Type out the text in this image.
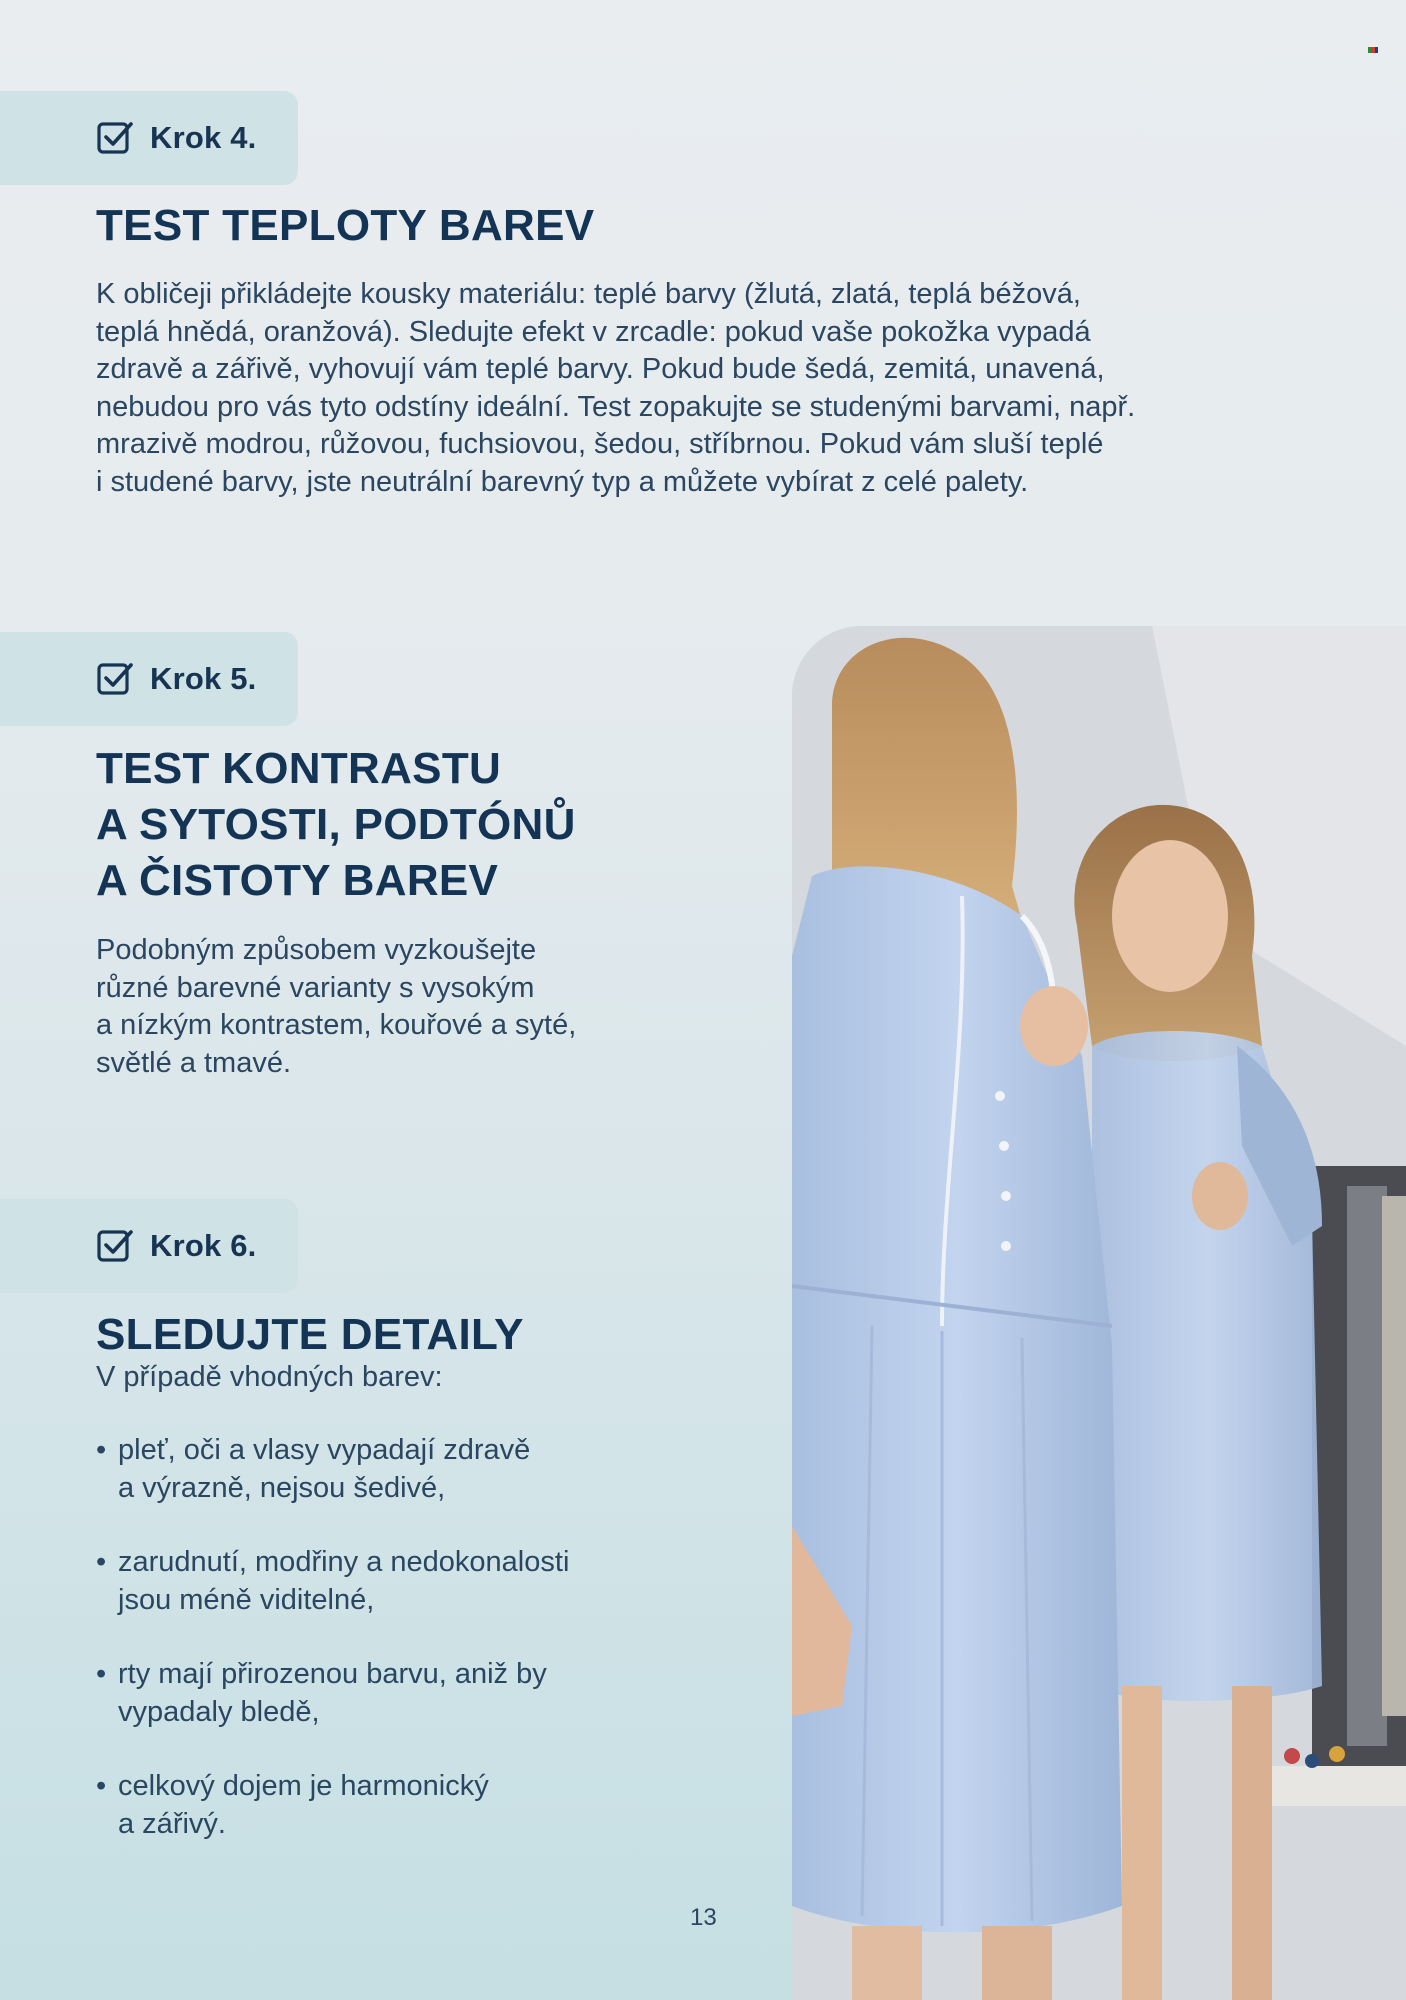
Krok 4.
TEST TEPLOTY BAREV

K obličeji přikládejte kousky materiálu: teplé barvy (žlutá, zlatá, teplá béžová,
teplá hnědá, oranžová). Sledujte efekt v zrcadle: pokud vaše pokožka vypadá
zdravě a zářivě, vyhovují vám teplé barvy. Pokud bude šedá, zemitá, unavená,
nebudou pro vás tyto odstíny ideální. Test zopakujte se studenými barvami, např.
mrazivě modrou, růžovou, fuchsiovou, šedou, stříbrnou. Pokud vám sluší teplé
i studené barvy, jste neutrální barevný typ a můžete vybírat z celé palety.

Krok 5.
TEST KONTRASTU
A SYTOSTI, PODTÓNŮ
A ČISTOTY BAREV

Podobným způsobem vyzkoušejte
různé barevné varianty s vysokým
a nízkým kontrastem, kouřové a syté,
světlé a tmavé.

Krok 6.
SLEDUJTE DETAILY

V případě vhodných barev:

• pleť, oči a vlasy vypadají zdravě
a výrazně, nejsou šedivé,
• zarudnutí, modřiny a nedokonalosti
jsou méně viditelné,
• rty mají přirozenou barvu, aniž by
vypadaly bledě,
• celkový dojem je harmonický
a zářivý.
13
